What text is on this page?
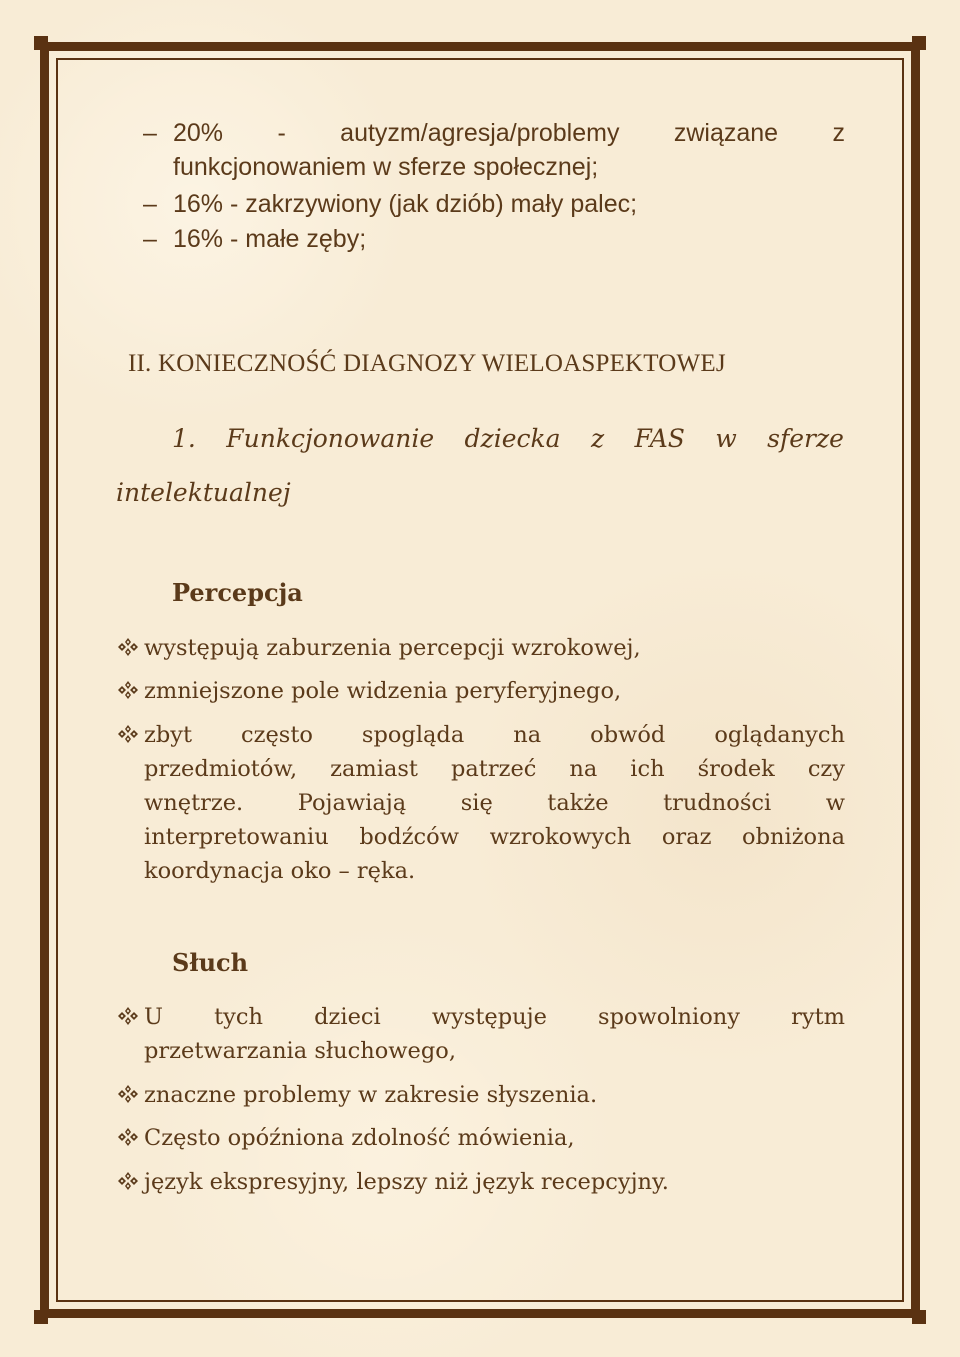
– 20% - autyzm/agresja/problemy związane z
funkcjonowaniem w sferze społecznej;
– 16% - zakrzywiony (jak dziób) mały palec;
– 16% - małe zęby;
II. KONIECZNOŚĆ DIAGNOZY WIELOASPEKTOWEJ
1. Funkcjonowanie dziecka z FAS w sferze
intelektualnej
Percepcja
występują zaburzenia percepcji wzrokowej,
zmniejszone pole widzenia peryferyjnego,
zbyt często spogląda na obwód oglądanych
przedmiotów, zamiast patrzeć na ich środek czy
wnętrze. Pojawiają się także trudności w
interpretowaniu bodźców wzrokowych oraz obniżona
koordynacja oko – ręka.
Słuch
U tych dzieci występuje spowolniony rytm
przetwarzania słuchowego,
znaczne problemy w zakresie słyszenia.
Często opóźniona zdolność mówienia,
język ekspresyjny, lepszy niż język recepcyjny.
